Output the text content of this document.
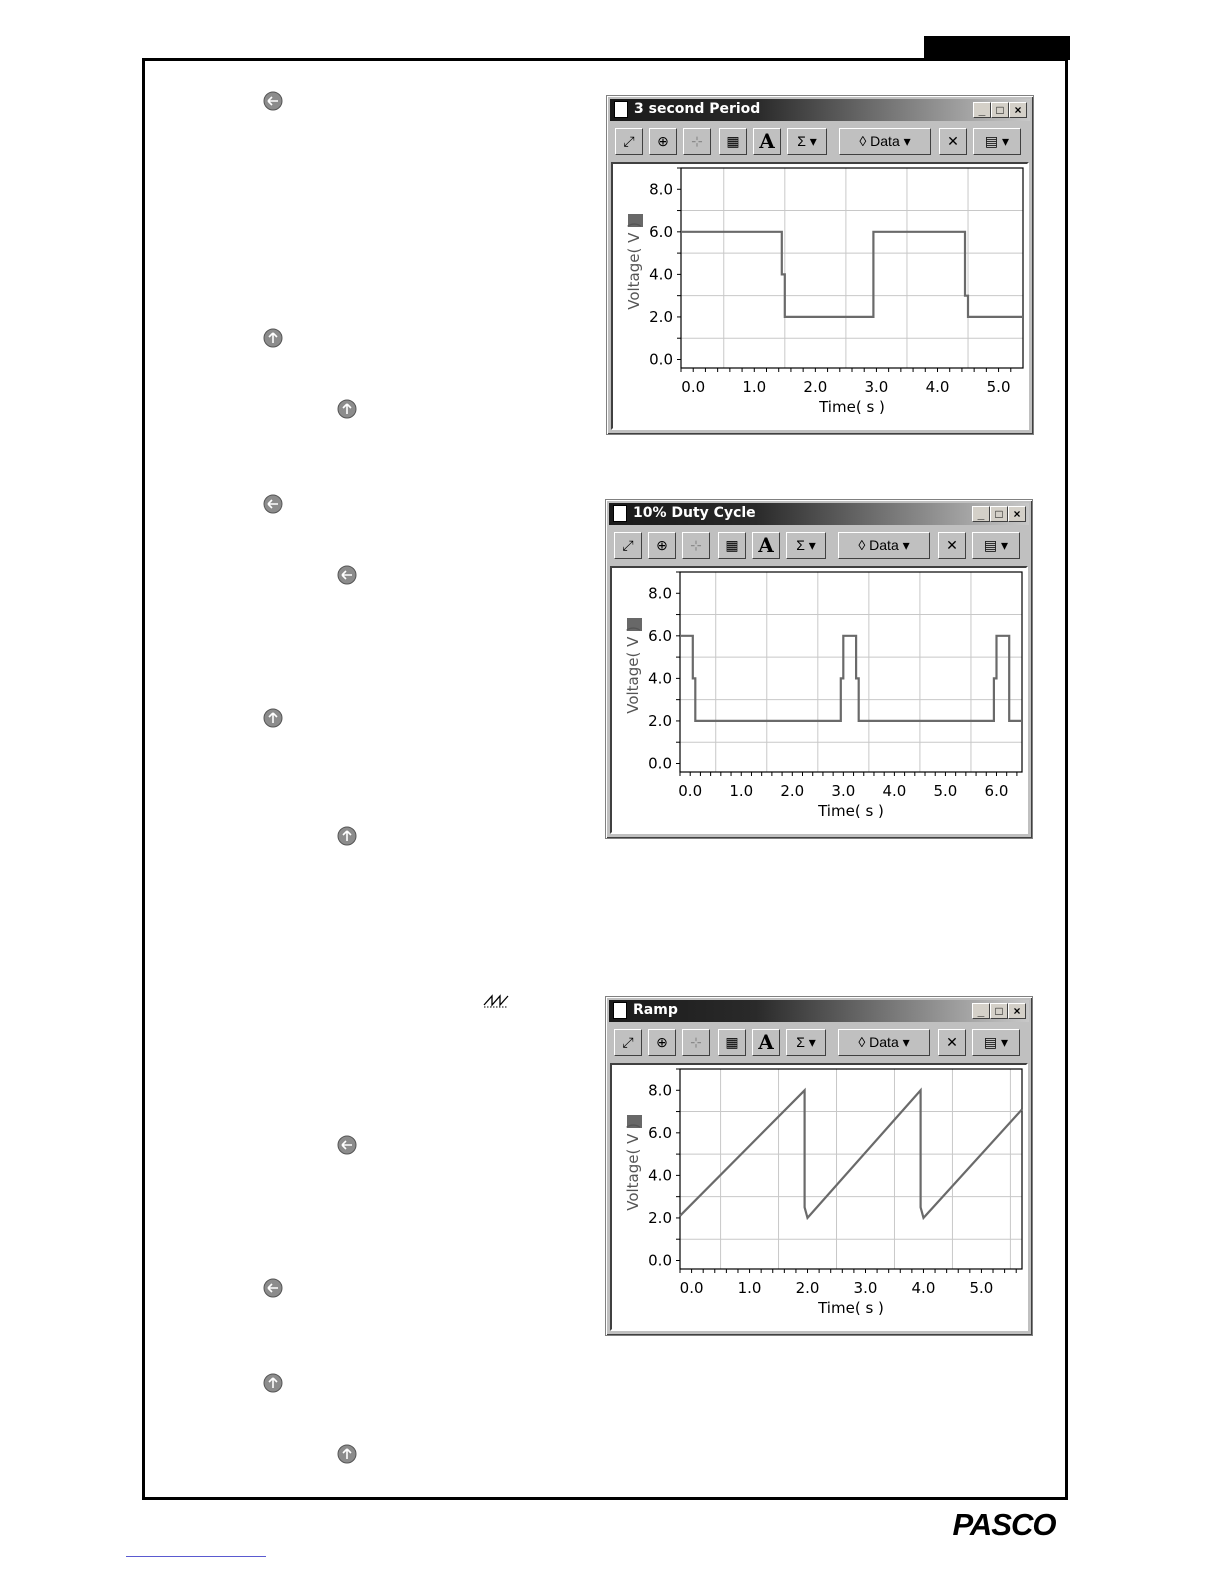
3 second Period	_ □ ×
⤢	⊕	⊹	▦ A	Σ ▾	◊ Data ▾	✕	▤ ▾
0.0 1.0 2.0 3.0 4.0 5.0
0.0
2.0
4.0
6.0
8.0
Time( s )
Voltage( V )
10% Duty Cycle	_ □ ×
⤢	⊕	⊹	▦ A	Σ ▾	◊ Data ▾	✕	▤ ▾
0.0 1.0 2.0 3.0 4.0 5.0 6.0
0.0
2.0
4.0
6.0
8.0
Time( s )
Voltage( V )
Ramp	_ □ ×
⤢	⊕	⊹	▦ A	Σ ▾	◊ Data ▾	✕	▤ ▾
0.0 1.0 2.0 3.0 4.0 5.0
0.0
2.0
4.0
6.0
8.0
Time( s )
Voltage( V )
PASCO
